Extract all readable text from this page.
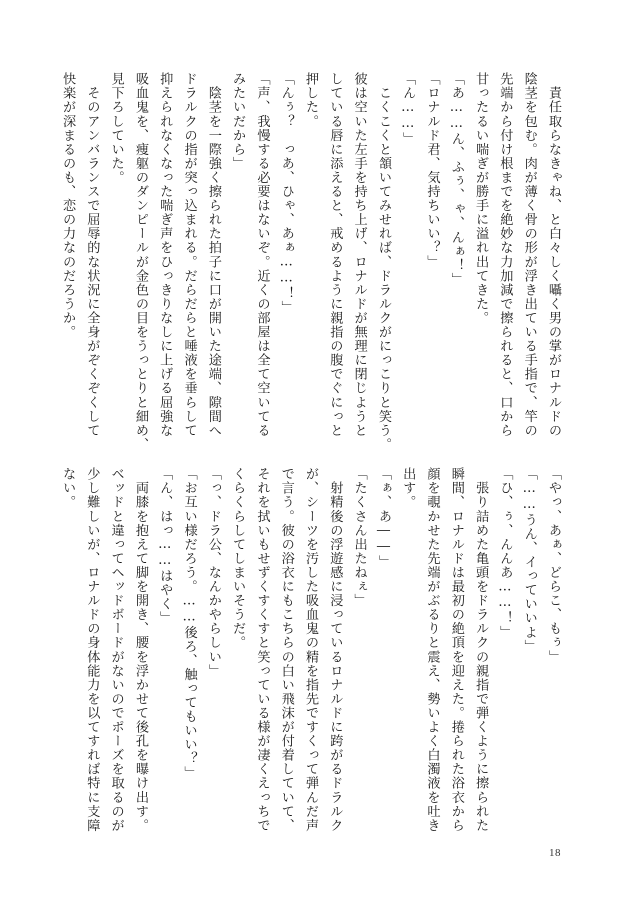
　責任取らなきゃね、と白々しく囁く男の掌がロナルドの
陰茎を包む。肉が薄く骨の形が浮き出ている手指で、竿の
先端から付け根までを絶妙な力加減で擦られると、口から
甘ったるい喘ぎが勝手に溢れ出てきた。
「あ……ん、ふぅ、ゃ、んぁ！」
「ロナルド君、気持ちいい？」
「ん……」
　こくこくと頷いてみせれば、ドラルクがにっこりと笑う。
彼は空いた左手を持ち上げ、ロナルドが無理に閉じようと
している唇に添えると、戒めるように親指の腹でぐにっと
押した。
「んぅ？　っあ、ひゃ、あぁ……！」
「声、我慢する必要はないぞ。近くの部屋は全て空いてる
みたいだから」
　陰茎を一際強く擦られた拍子に口が開いた途端、隙間へ
ドラルクの指が突っ込まれる。だらだらと唾液を垂らして
抑えられなくなった喘ぎ声をひっきりなしに上げる屈強な
吸血鬼を、痩躯のダンピールが金色の目をうっとりと細め、
見下ろしていた。
　そのアンバランスで屈辱的な状況に全身がぞくぞくして
快楽が深まるのも、恋の力なのだろうか。
「やっ、あぁ、どらこ、もぅ」
「……うん、イっていいよ」
「ひ、ぅ、んんあ……！」
　張り詰めた亀頭をドラルクの親指で弾くように擦られた
瞬間、ロナルドは最初の絶頂を迎えた。捲られた浴衣から
顔を覗かせた先端がぶるりと震え、勢いよく白濁液を吐き
出す。
「ぁ、あ――」
「たくさん出たねぇ」
　射精後の浮遊感に浸っているロナルドに跨がるドラルク
が、シーツを汚した吸血鬼の精を指先ですくって弾んだ声
で言う。彼の浴衣にもこちらの白い飛沫が付着していて、
それを拭いもせずくすくすと笑っている様が凄くえっちで
くらくらしてしまいそうだ。
「っ、ドラ公、なんかやらしい」
「お互い様だろう。……後ろ、触ってもいい？」
「ん、はっ……はやく」
　両膝を抱えて脚を開き、腰を浮かせて後孔を曝け出す。
ベッドと違ってヘッドボードがないのでポーズを取るのが
少し難しいが、ロナルドの身体能力を以てすれば特に支障
ない。
18
